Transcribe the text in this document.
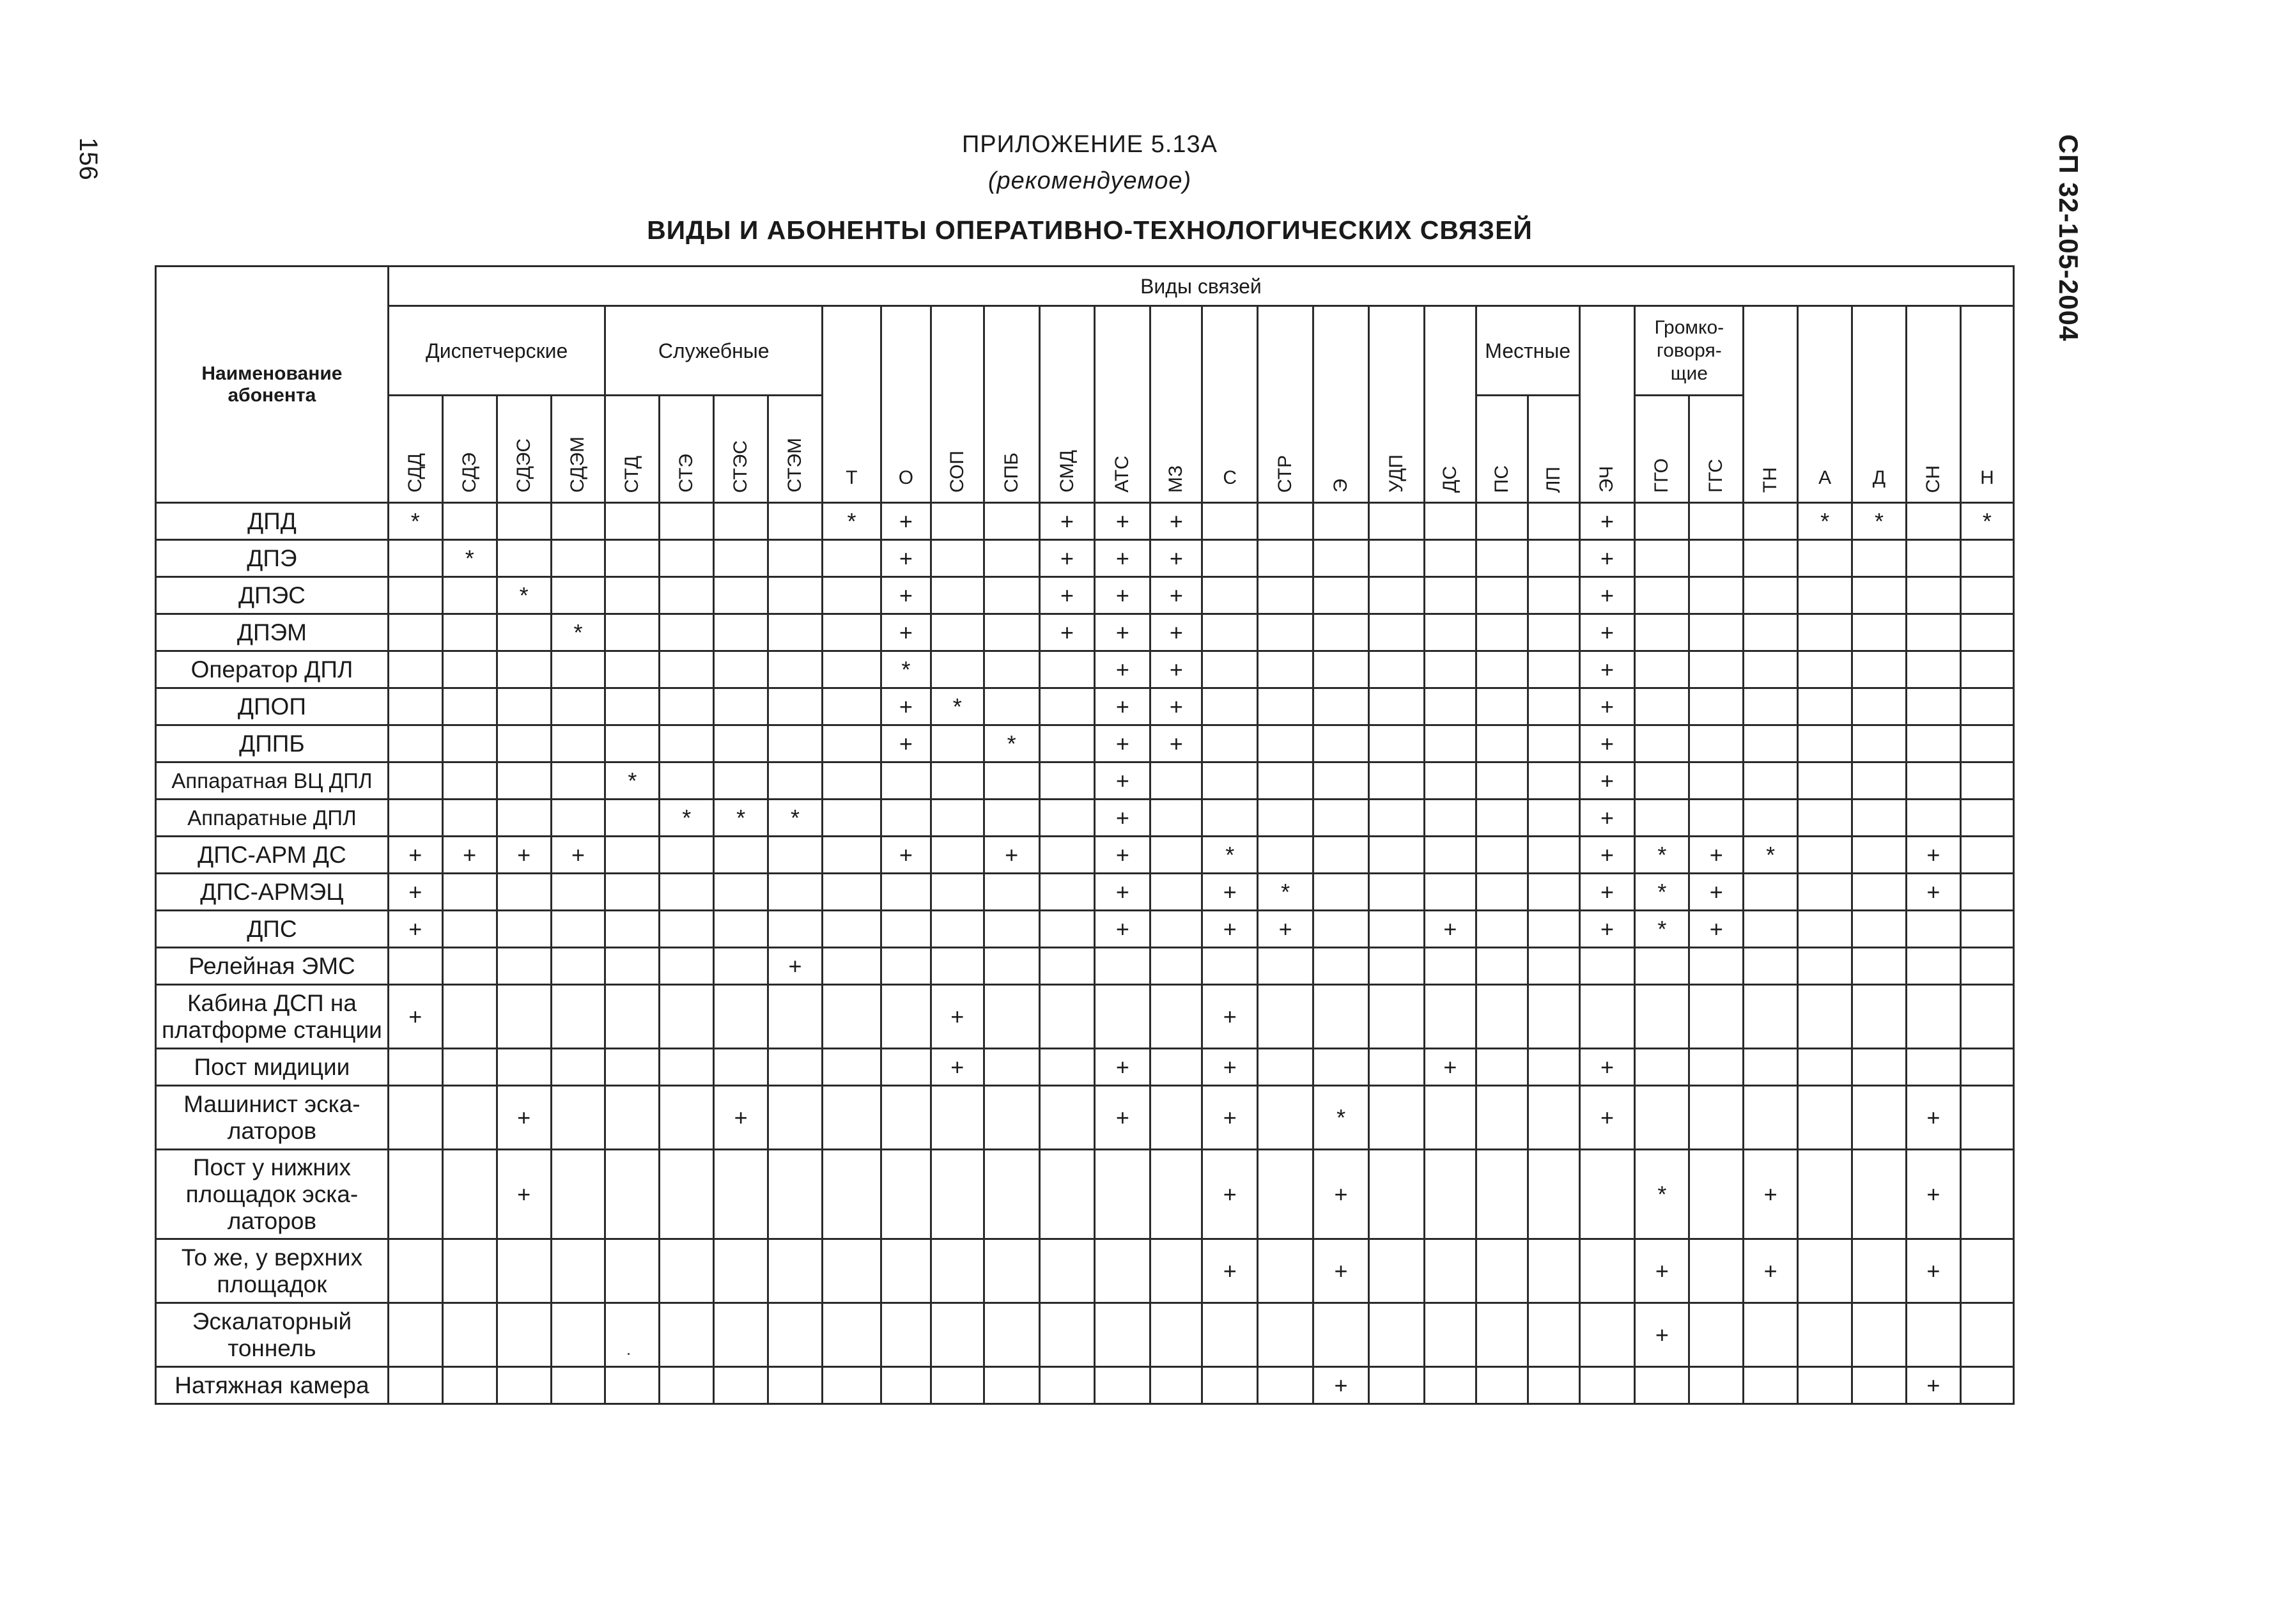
156	СП 32-105-2004
ПРИЛОЖЕНИЕ 5.13А
(рекомендуемое)
ВИДЫ И АБОНЕНТЫ ОПЕРАТИВНО-ТЕХНОЛОГИЧЕСКИХ СВЯЗЕЙ
Наименование абонента	Виды связей																													
	Диспетчерские				Служебные				Т	О	СОП	СПБ	СМД	АТС	МЗ	С	СТР	Э	УДП	ДС	Местные		ЭЧ	Громко-говоря-щие		ТН	А	Д	СН	Н

	СДД	СДЭ	СДЭС	СДЭМ	СТД	СТЭ	СТЭС	СТЭМ													ПС	ЛП		ГГО	ГГС					

ДПД	*								*	+			+	+	+								+				*	*		*
ДПЭ		*								+			+	+	+								+							
ДПЭС			*							+			+	+	+								+							
ДПЭМ				*						+			+	+	+								+							
Оператор ДПЛ										*				+	+								+							
ДПОП										+	*			+	+								+							
ДППБ										+		*		+	+								+							
Аппаратная ВЦ ДПЛ					*									+									+							
Аппаратные ДПЛ						*	*	*						+									+							
ДПС-АРМ ДС	+	+	+	+						+		+		+		*							+	*	+	*			+	
ДПС-АРМЭЦ	+													+		+	*						+	*	+				+	
ДПС	+													+		+	+			+			+	*	+					
Релейная ЭМС								+																						
Кабина ДСП на платформе станции	+										+					+														
Пост мидиции											+			+		+				+			+							
Машинист эска-латоров			+				+							+		+		*					+						+	
Пост у нижних площадок эска-латоров			+													+		+						*		+			+	
То же, у верхних площадок																+		+						+		+			+	
Эскалаторный тоннель																								+						
Натяжная камера																		+											+	
